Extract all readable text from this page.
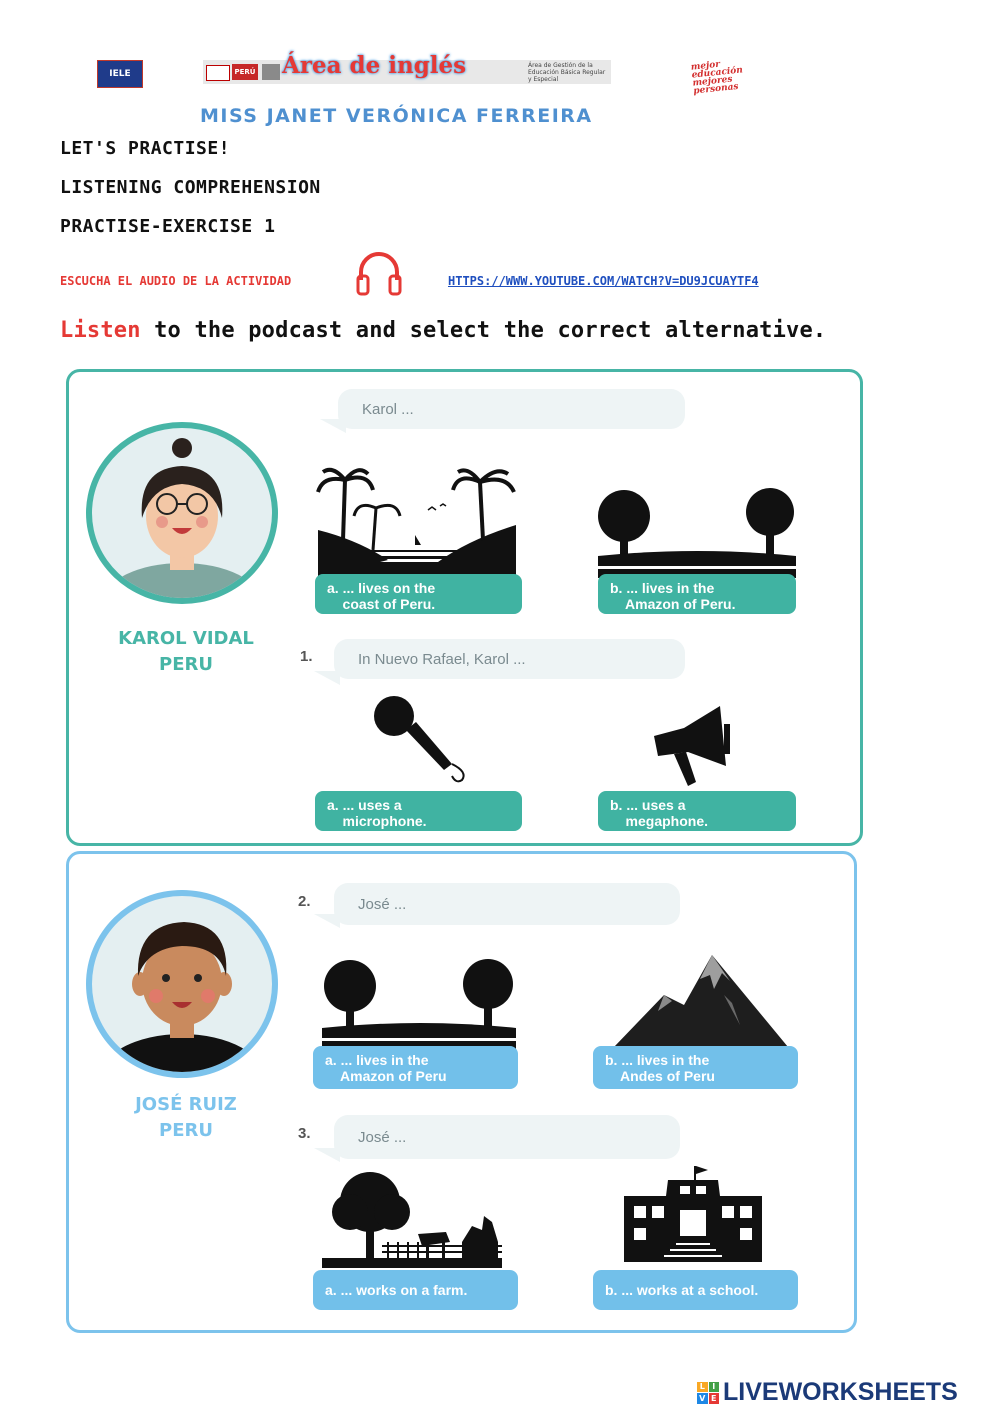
IELE	PERÚ Área de inglés	Área de Gestión de la Educación Básica Regular y Especial
mejor educación mejores personas
MISS JANET VERÓNICA FERREIRA
LET'S PRACTISE!
LISTENING COMPREHENSION
PRACTISE-EXERCISE 1
ESCUCHA EL AUDIO DE LA ACTIVIDAD	HTTPS://WWW.YOUTUBE.COM/WATCH?V=DU9JCUAYTF4
Listen to the podcast and select the correct alternative.
KAROL VIDAL
PERU
Karol ...
a. ... lives on the
coast of Peru.
b. ... lives in the
Amazon of Peru.
1.	In Nuevo Rafael, Karol ...
a. ... uses a
microphone.
b. ... uses a
megaphone.
JOSÉ RUIZ
PERU
2.	José ...
a. ... lives in the
Amazon of Peru
b. ... lives in the
Andes of Peru
3.	José ...
a. ... works on a farm.	b. ... works at a school.
L I
V E LIVEWORKSHEETS
